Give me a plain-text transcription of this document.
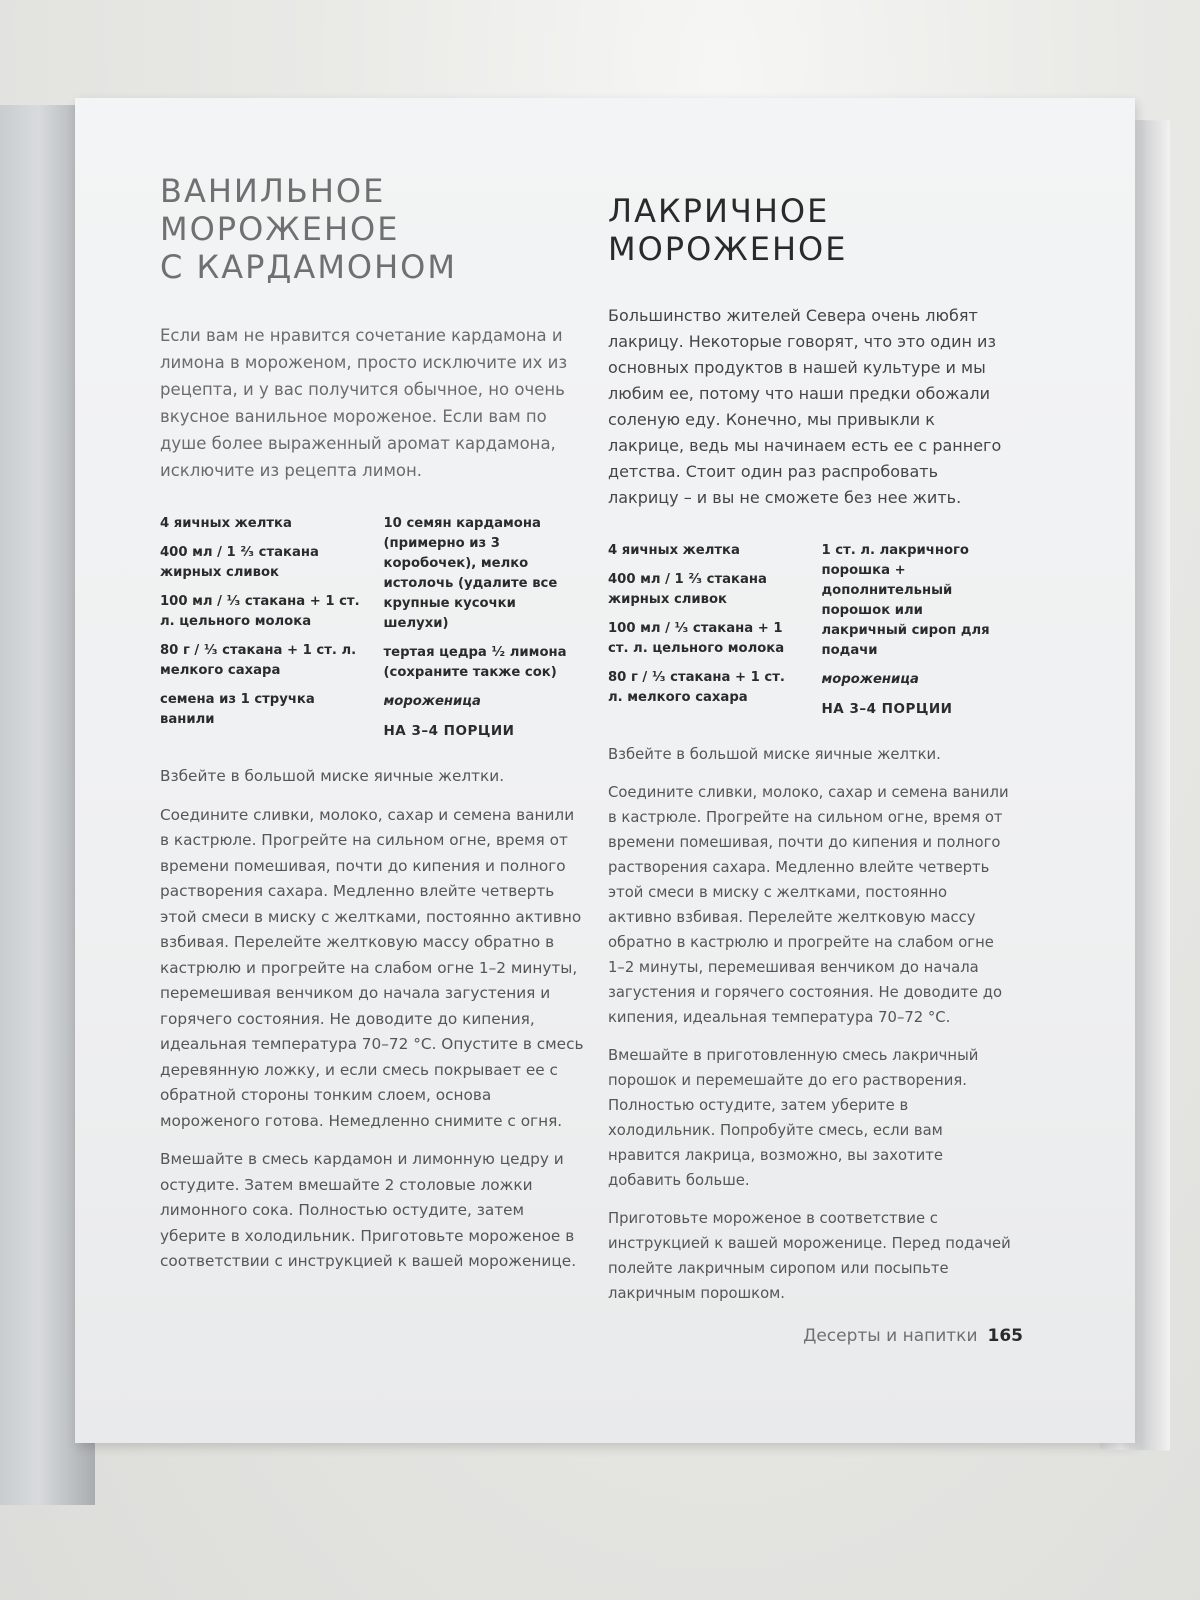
ВАНИЛЬНОЕ
МОРОЖЕНОЕ
С КАРДАМОНОМ

Если вам не нравится сочетание кардамона и лимона в мороженом, просто исключите их из рецепта, и у вас получится обычное, но очень вкусное ванильное мороженое. Если вам по душе более выраженный аромат кардамона, исключите из рецепта лимон.

4 яичных желтка

400 мл / 1 ²⁄₃ стакана жирных сливок

100 мл / ¹⁄₃ стакана + 1 ст. л. цельного молока

80 г / ¹⁄₃ стакана + 1 ст. л. мелкого сахара

семена из 1 стручка ванили

10 семян кардамона (примерно из 3 коробочек), мелко истолочь (удалите все крупные кусочки шелухи)

тертая цедра ¹⁄₂ лимона (сохраните также сок)

мороженица

НА 3–4 ПОРЦИИ

Взбейте в большой миске яичные желтки.

Соедините сливки, молоко, сахар и семена ванили в кастрюле. Прогрейте на сильном огне, время от времени помешивая, почти до кипения и полного растворения сахара. Медленно влейте четверть этой смеси в миску с желтками, постоянно активно взбивая. Перелейте желтковую массу обратно в кастрюлю и прогрейте на слабом огне 1–2 минуты, перемешивая венчиком до начала загустения и горячего состояния. Не доводите до кипения, идеальная температура 70–72 °С. Опустите в смесь деревянную ложку, и если смесь покрывает ее с обратной стороны тонким слоем, основа мороженого готова. Немедленно снимите с огня.

Вмешайте в смесь кардамон и лимонную цедру и остудите. Затем вмешайте 2 столовые ложки лимонного сока. Полностью остудите, затем уберите в холодильник. Приготовьте мороженое в соответствии с инструкцией к вашей мороженице.

ЛАКРИЧНОЕ
МОРОЖЕНОЕ

Большинство жителей Севера очень любят лакрицу. Некоторые говорят, что это один из основных продуктов в нашей культуре и мы любим ее, потому что наши предки обожали соленую еду. Конечно, мы привыкли к лакрице, ведь мы начинаем есть ее с раннего детства. Стоит один раз распробовать лакрицу – и вы не сможете без нее жить.

4 яичных желтка

400 мл / 1 ²⁄₃ стакана жирных сливок

100 мл / ¹⁄₃ стакана + 1 ст. л. цельного молока

80 г / ¹⁄₃ стакана + 1 ст. л. мелкого сахара

1 ст. л. лакричного порошка + дополнительный порошок или лакричный сироп для подачи

мороженица

НА 3–4 ПОРЦИИ

Взбейте в большой миске яичные желтки.

Соедините сливки, молоко, сахар и семена ванили в кастрюле. Прогрейте на сильном огне, время от времени помешивая, почти до кипения и полного растворения сахара. Медленно влейте четверть этой смеси в миску с желтками, постоянно активно взбивая. Перелейте желтковую массу обратно в кастрюлю и прогрейте на слабом огне 1–2 минуты, перемешивая венчиком до начала загустения и горячего состояния. Не доводите до кипения, идеальная температура 70–72 °С.

Вмешайте в приготовленную смесь лакричный порошок и перемешайте до его растворения. Полностью остудите, затем уберите в холодильник. Попробуйте смесь, если вам нравится лакрица, возможно, вы захотите добавить больше.

Приготовьте мороженое в соответствие с инструкцией к вашей мороженице. Перед подачей полейте лакричным сиропом или посыпьте лакричным порошком.

Десерты и напитки 165
